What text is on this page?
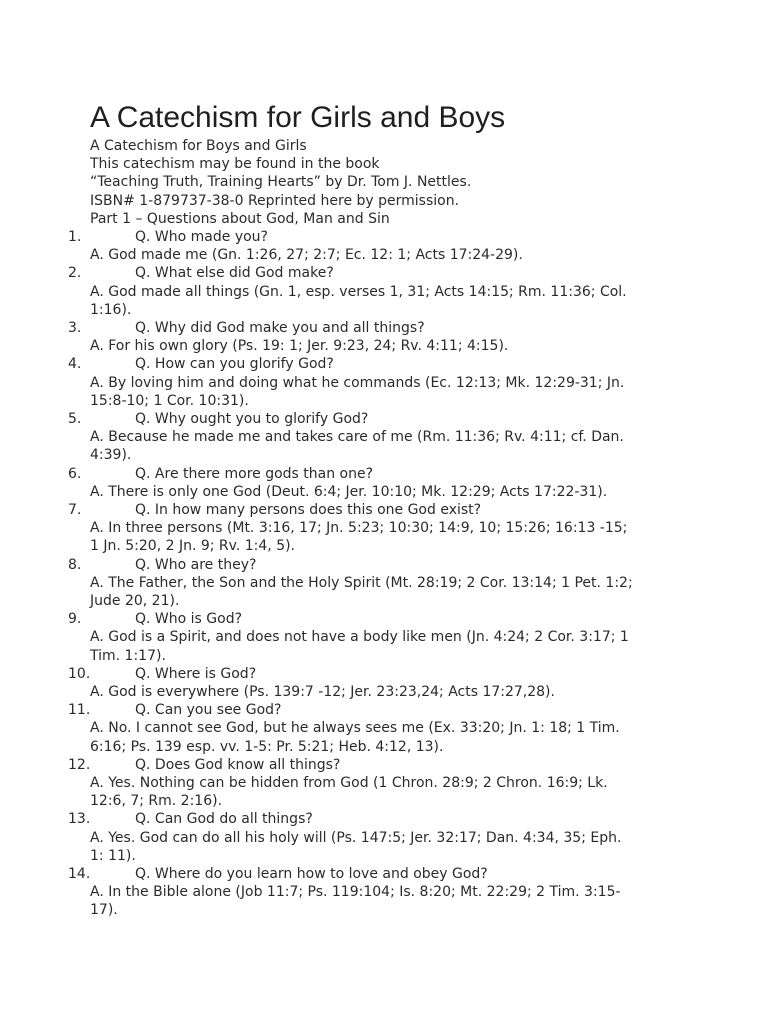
A Catechism for Girls and Boys
A Catechism for Boys and Girls
This catechism may be found in the book
“Teaching Truth, Training Hearts” by Dr. Tom J. Nettles.
ISBN# 1-879737-38-0 Reprinted here by permission.
Part 1 – Questions about God, Man and Sin
1.	Q. Who made you?
A. God made me (Gn. 1:26, 27; 2:7; Ec. 12: 1; Acts 17:24-29).
2.	Q. What else did God make?
A. God made all things (Gn. 1, esp. verses 1, 31; Acts 14:15; Rm. 11:36; Col.
1:16).
3.	Q. Why did God make you and all things?
A. For his own glory (Ps. 19: 1; Jer. 9:23, 24; Rv. 4:11; 4:15).
4.	Q. How can you glorify God?
A. By loving him and doing what he commands (Ec. 12:13; Mk. 12:29-31; Jn.
15:8-10; 1 Cor. 10:31).
5.	Q. Why ought you to glorify God?
A. Because he made me and takes care of me (Rm. 11:36; Rv. 4:11; cf. Dan.
4:39).
6.	Q. Are there more gods than one?
A. There is only one God (Deut. 6:4; Jer. 10:10; Mk. 12:29; Acts 17:22-31).
7.	Q. In how many persons does this one God exist?
A. In three persons (Mt. 3:16, 17; Jn. 5:23; 10:30; 14:9, 10; 15:26; 16:13 -15;
1 Jn. 5:20, 2 Jn. 9; Rv. 1:4, 5).
8.	Q. Who are they?
A. The Father, the Son and the Holy Spirit (Mt. 28:19; 2 Cor. 13:14; 1 Pet. 1:2;
Jude 20, 21).
9.	Q. Who is God?
A. God is a Spirit, and does not have a body like men (Jn. 4:24; 2 Cor. 3:17; 1
Tim. 1:17).
10.	Q. Where is God?
A. God is everywhere (Ps. 139:7 -12; Jer. 23:23,24; Acts 17:27,28).
11.	Q. Can you see God?
A. No. I cannot see God, but he always sees me (Ex. 33:20; Jn. 1: 18; 1 Tim.
6:16; Ps. 139 esp. vv. 1-5: Pr. 5:21; Heb. 4:12, 13).
12.	Q. Does God know all things?
A. Yes. Nothing can be hidden from God (1 Chron. 28:9; 2 Chron. 16:9; Lk.
12:6, 7; Rm. 2:16).
13.	Q. Can God do all things?
A. Yes. God can do all his holy will (Ps. 147:5; Jer. 32:17; Dan. 4:34, 35; Eph.
1: 11).
14.	Q. Where do you learn how to love and obey God?
A. In the Bible alone (Job 11:7; Ps. 119:104; Is. 8:20; Mt. 22:29; 2 Tim. 3:15-
17).
